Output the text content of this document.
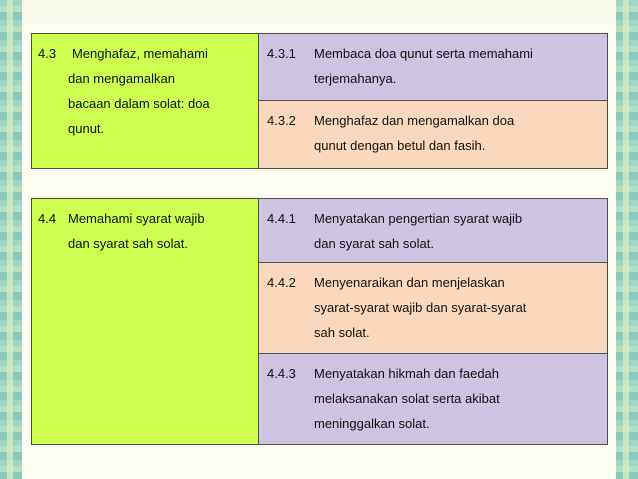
4.3	Menghafaz, memahami
dan mengamalkan
bacaan dalam solat: doa
qunut.

4.3.1	Membaca doa qunut serta memahami
terjemahanya.

4.3.2	Menghafaz dan mengamalkan doa
qunut dengan betul dan fasih.
4.4 Memahami syarat wajib
dan syarat sah solat.

4.4.1	Menyatakan pengertian syarat wajib
dan syarat sah solat.

4.4.2	Menyenaraikan dan menjelaskan
syarat-syarat wajib dan syarat-syarat
sah solat.

4.4.3	Menyatakan hikmah dan faedah
melaksanakan solat serta akibat
meninggalkan solat.
